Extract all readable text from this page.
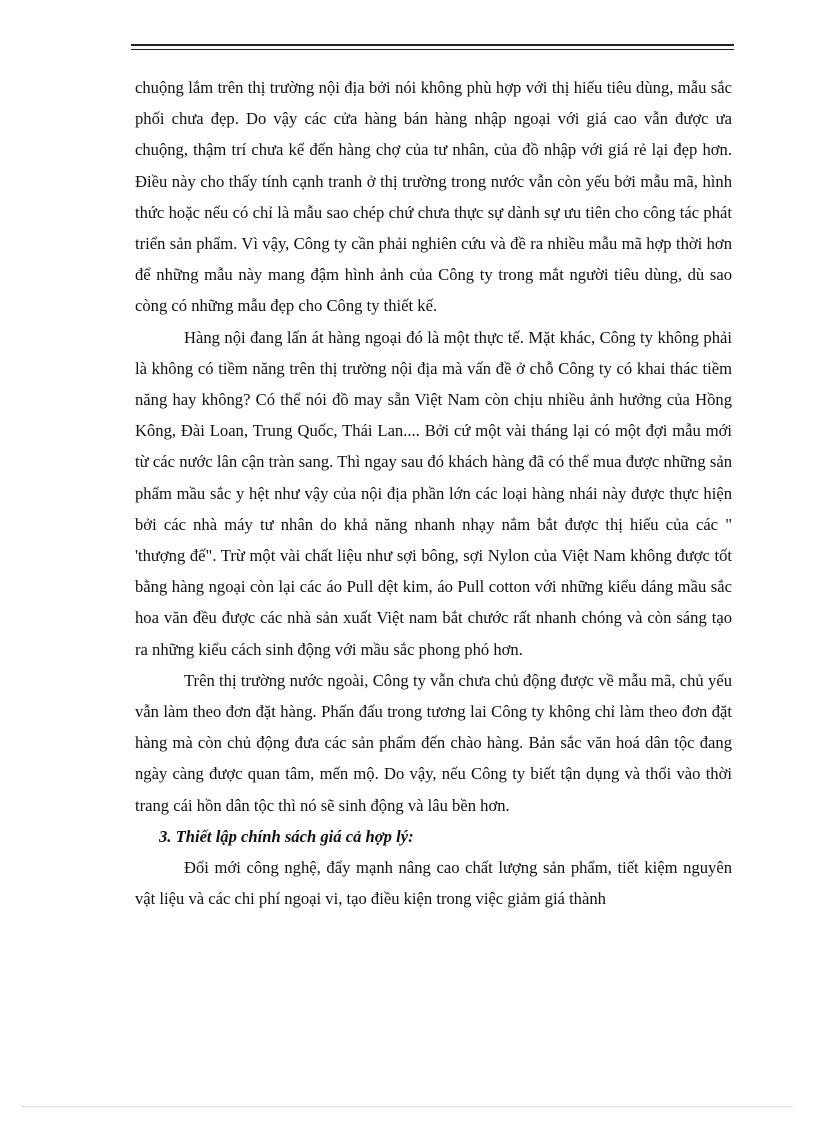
chuộng lắm trên thị trường nội địa bởi nói không phù hợp với thị hiếu tiêu dùng, mẫu sắc phối chưa đẹp. Do vậy các cửa hàng bán hàng nhập ngoại với giá cao vẫn được ưa chuộng, thậm trí chưa kể đến hàng chợ của tư nhân, của đồ nhập với giá rẻ lại đẹp hơn. Điều này cho thấy tính cạnh tranh ở thị trường trong nước vẫn còn yếu bởi mẫu mã, hình thức hoặc nếu có chỉ là mẫu sao chép chứ chưa thực sự dành sự ưu tiên cho công tác phát triển sản phẩm. Vì vậy, Công ty cần phải nghiên cứu và đề ra nhiều mẫu mã hợp thời hơn để những mẫu này mang đậm hình ảnh của Công ty trong mắt người tiêu dùng, dù sao còng có những mẫu đẹp cho Công ty thiết kế.

Hàng nội đang lấn át hàng ngoại đó là một thực tế. Mặt khác, Công ty không phải là không có tiềm năng trên thị trường nội địa mà vấn đề ở chỗ Công ty có khai thác tiềm năng hay không? Có thể nói đồ may sẵn Việt Nam còn chịu nhiều ảnh hưởng của Hồng Kông, Đài Loan, Trung Quốc, Thái Lan.... Bởi cứ một vài tháng lại có một đợi mẫu mới từ các nước lân cận tràn sang. Thì ngay sau đó khách hàng đã có thể mua được những sản phẩm mầu sắc y hệt như vậy của nội địa phần lớn các loại hàng nhái này được thực hiện bởi các nhà máy tư nhân do khả năng nhanh nhạy nắm bắt được thị hiếu của các " 'thượng đế". Trừ một vài chất liệu như sợi bông, sợi Nylon của Việt Nam không được tốt bằng hàng ngoại còn lại các áo Pull dệt kim, áo Pull cotton với những kiểu dáng mầu sắc hoa văn đều được các nhà sản xuất Việt nam bắt chước rất nhanh chóng và còn sáng tạo ra những kiểu cách sinh động với mầu sắc phong phó hơn.

Trên thị trường nước ngoài, Công ty vẫn chưa chủ động được về mẫu mã, chủ yếu vẫn làm theo đơn đặt hàng. Phấn đấu trong tương lai Công ty không chỉ làm theo đơn đặt hàng mà còn chủ động đưa các sản phẩm đến chào hàng. Bản sắc văn hoá dân tộc đang ngày càng được quan tâm, mến mộ. Do vậy, nếu Công ty biết tận dụng và thổi vào thời trang cái hồn dân tộc thì nó sẽ sinh động và lâu bền hơn.

3. Thiết lập chính sách giá cả hợp lý:

Đổi mới công nghệ, đẩy mạnh nâng cao chất lượng sản phẩm, tiết kiệm nguyên vật liệu và các chi phí ngoại vi, tạo điều kiện trong việc giảm giá thành
